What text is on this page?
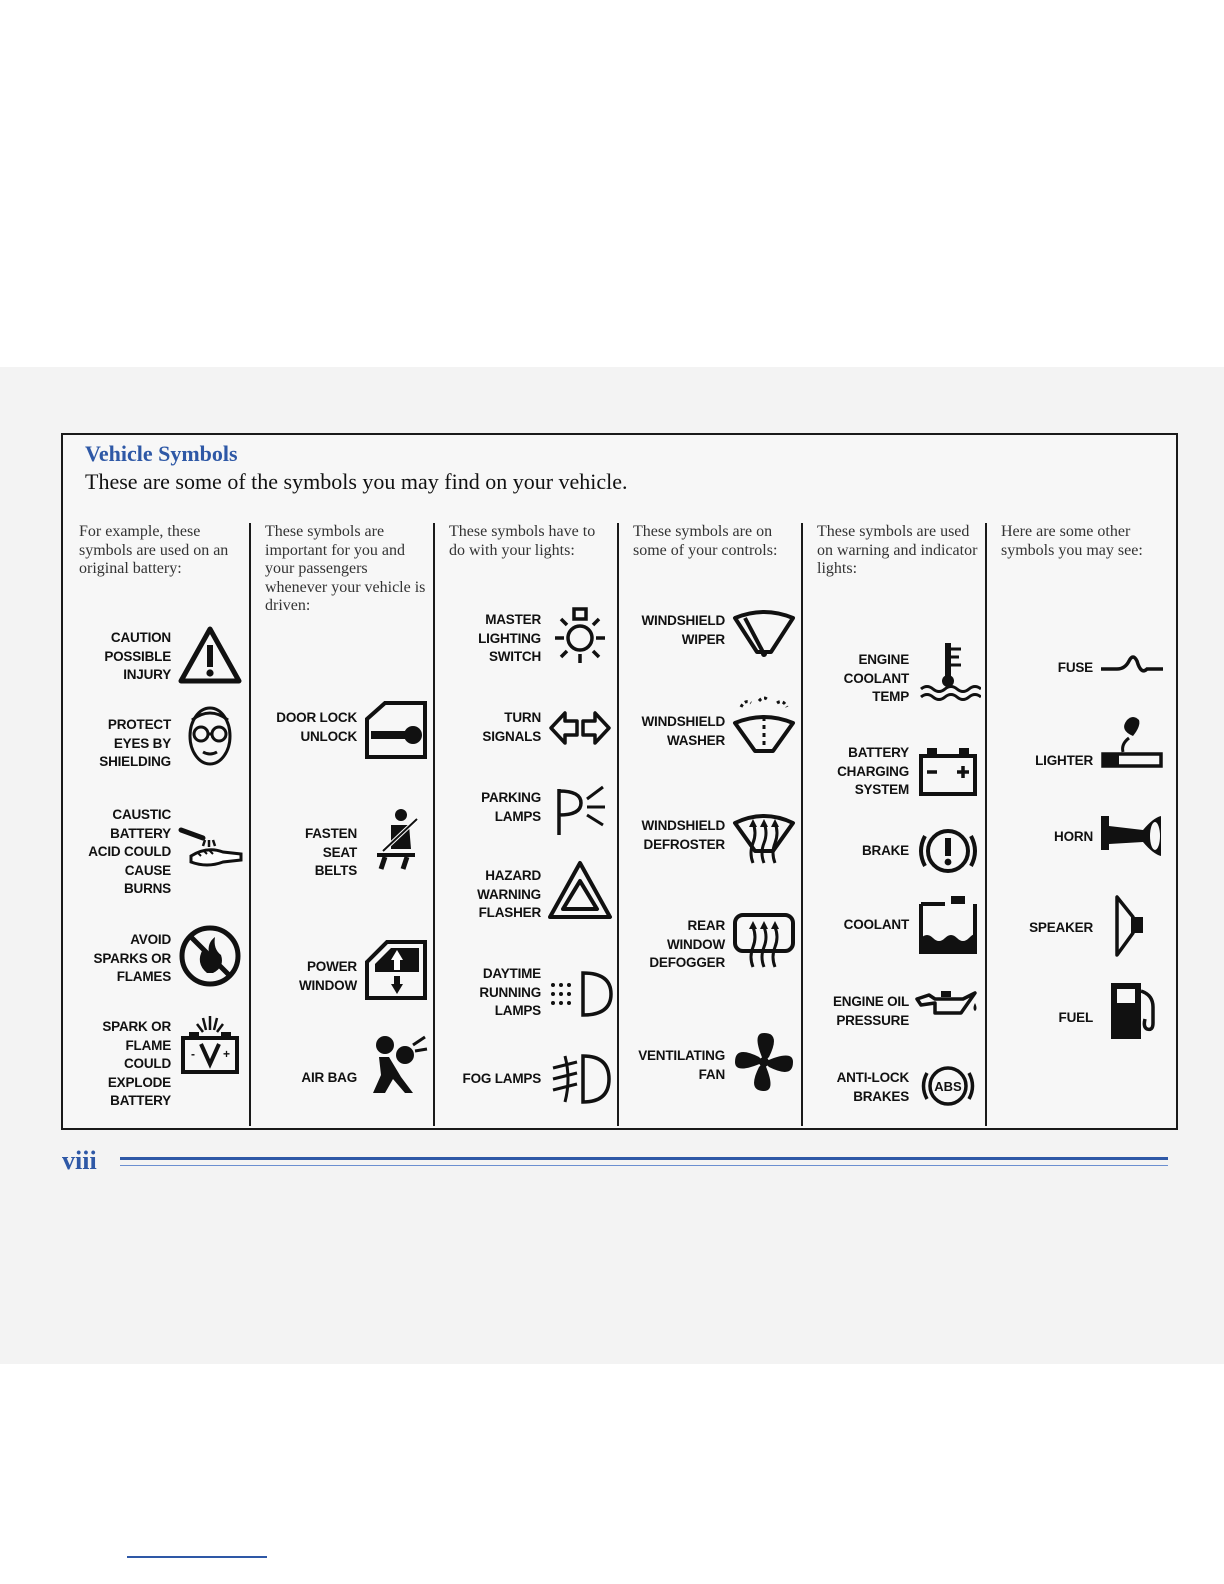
Vehicle Symbols
These are some of the symbols you may find on your vehicle.
For example, these symbols are used on an original battery:
CAUTION
POSSIBLE
INJURY
PROTECT
EYES BY
SHIELDING
CAUSTIC
BATTERY
ACID COULD
CAUSE
BURNS
AVOID
SPARKS OR
FLAMES
SPARK OR
FLAME
COULD
EXPLODE
BATTERY
- +
These symbols are important for you and your passengers whenever your vehicle is driven:
DOOR LOCK
UNLOCK
FASTEN
SEAT
BELTS
POWER
WINDOW
AIR BAG
These symbols have to do with your lights:
MASTER
LIGHTING
SWITCH
TURN
SIGNALS
PARKING
LAMPS
HAZARD
WARNING
FLASHER
DAYTIME
RUNNING
LAMPS
FOG LAMPS
These symbols are on some of your controls:
WINDSHIELD
WIPER
WINDSHIELD
WASHER
WINDSHIELD
DEFROSTER
REAR
WINDOW
DEFOGGER
VENTILATING
FAN
These symbols are used on warning and indicator lights:
ENGINE
COOLANT
TEMP
BATTERY
CHARGING
SYSTEM
BRAKE
COOLANT
ENGINE OIL
PRESSURE
ANTI-LOCK
BRAKES
ABS
Here are some other symbols you may see:
FUSE
LIGHTER
HORN
SPEAKER
FUEL
viii
